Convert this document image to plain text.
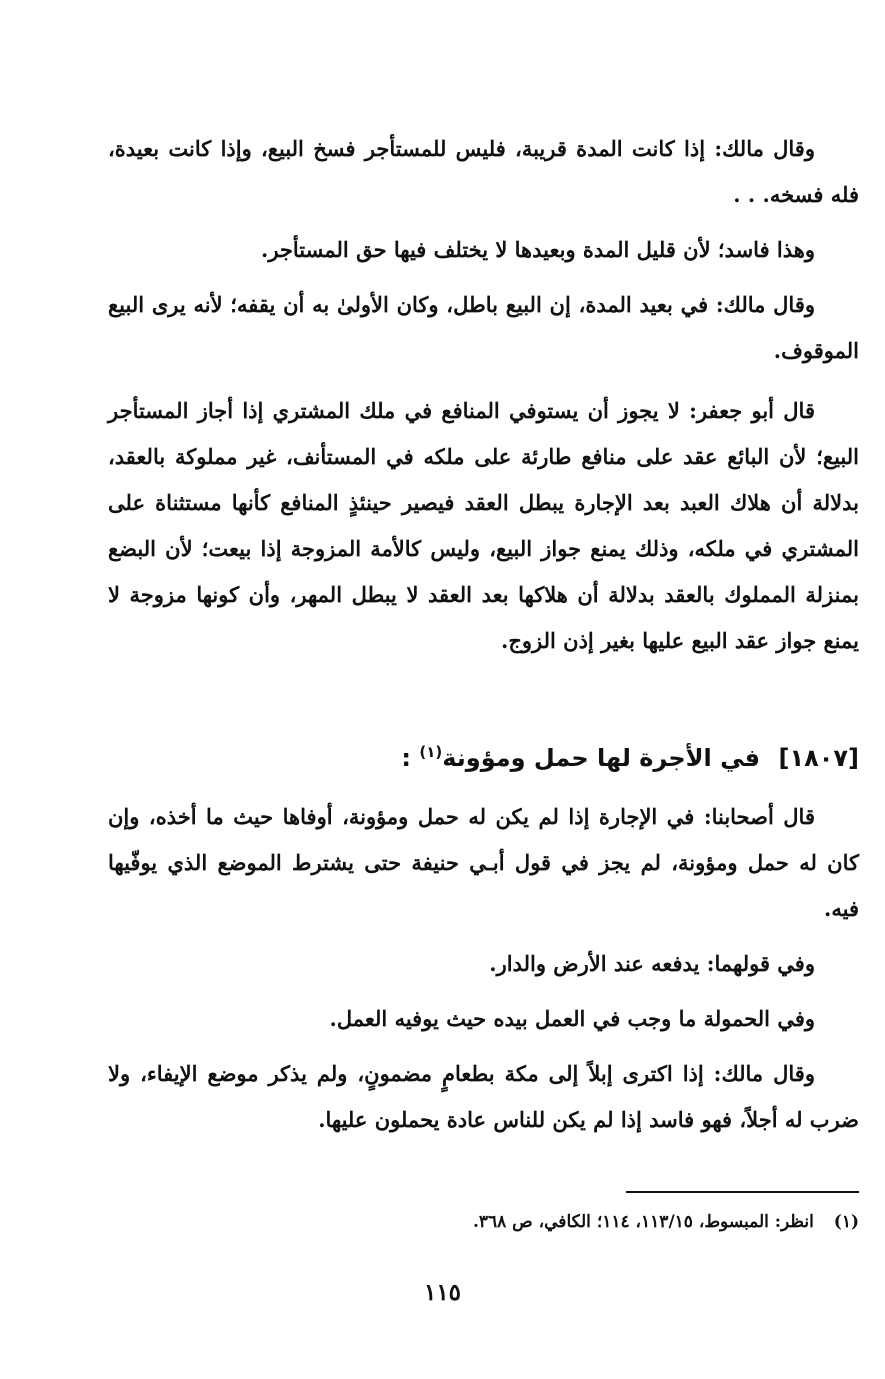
وقال مالك: إذا كانت المدة قريبة، فليس للمستأجر فسخ البيع، وإذا كانت بعيدة، فله فسخه. . .

وهذا فاسد؛ لأن قليل المدة وبعيدها لا يختلف فيها حق المستأجر.

وقال مالك: في بعيد المدة، إن البيع باطل، وكان الأولىٰ به أن يقفه؛ لأنه يرى البيع الموقوف.

قال أبو جعفر: لا يجوز أن يستوفي المنافع في ملك المشتري إذا أجاز المستأجر البيع؛ لأن البائع عقد على منافع طارئة على ملكه في المستأنف، غير مملوكة بالعقد، بدلالة أن هلاك العبد بعد الإجارة يبطل العقد فيصير حينئذٍ المنافع كأنها مستثناة على المشتري في ملكه، وذلك يمنع جواز البيع، وليس كالأمة المزوجة إذا بيعت؛ لأن البضع بمنزلة المملوك بالعقد بدلالة أن هلاكها بعد العقد لا يبطل المهر، وأن كونها مزوجة لا يمنع جواز عقد البيع عليها بغير إذن الزوج.

[١٨٠٧] في الأجرة لها حمل ومؤونة$^{(١)}$ :

قال أصحابنا: في الإجارة إذا لم يكن له حمل ومؤونة، أوفاها حيث ما أخذه، وإن كان له حمل ومؤونة، لم يجز في قول أبـي حنيفة حتى يشترط الموضع الذي يوفّيها فيه.

وفي قولهما: يدفعه عند الأرض والدار.

وفي الحمولة ما وجب في العمل بيده حيث يوفيه العمل.

وقال مالك: إذا اكترى إبلاً إلى مكة بطعامٍ مضمونٍ، ولم يذكر موضع الإيفاء، ولا ضرب له أجلاً، فهو فاسد إذا لم يكن للناس عادة يحملون عليها.

(١) انظر: المبسوط، ١١٣/١٥، ١١٤؛ الكافي، ص ٣٦٨.
١١٥
